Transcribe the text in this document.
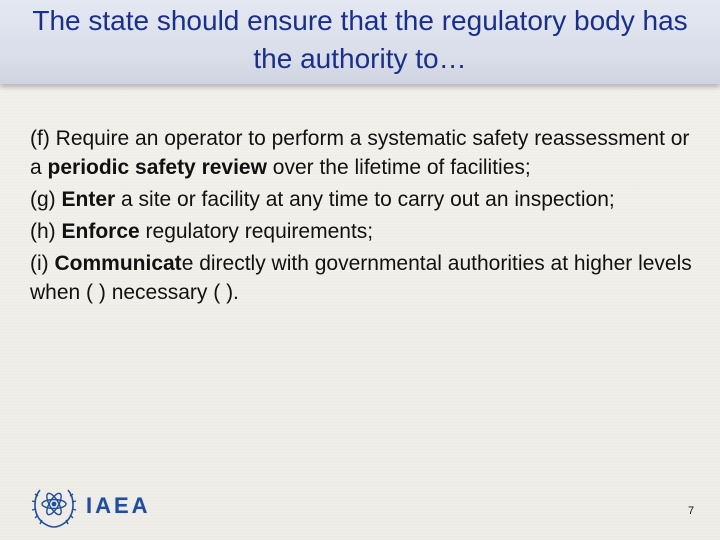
The state should ensure that the regulatory body has the authority to…

(f) Require an operator to perform a systematic safety reassessment or a periodic safety review over the lifetime of facilities;

(g) Enter a site or facility at any time to carry out an inspection;

(h) Enforce regulatory requirements;

(i) Communicate directly with governmental authorities at higher levels when ( ) necessary ( ).

IAEA	7
